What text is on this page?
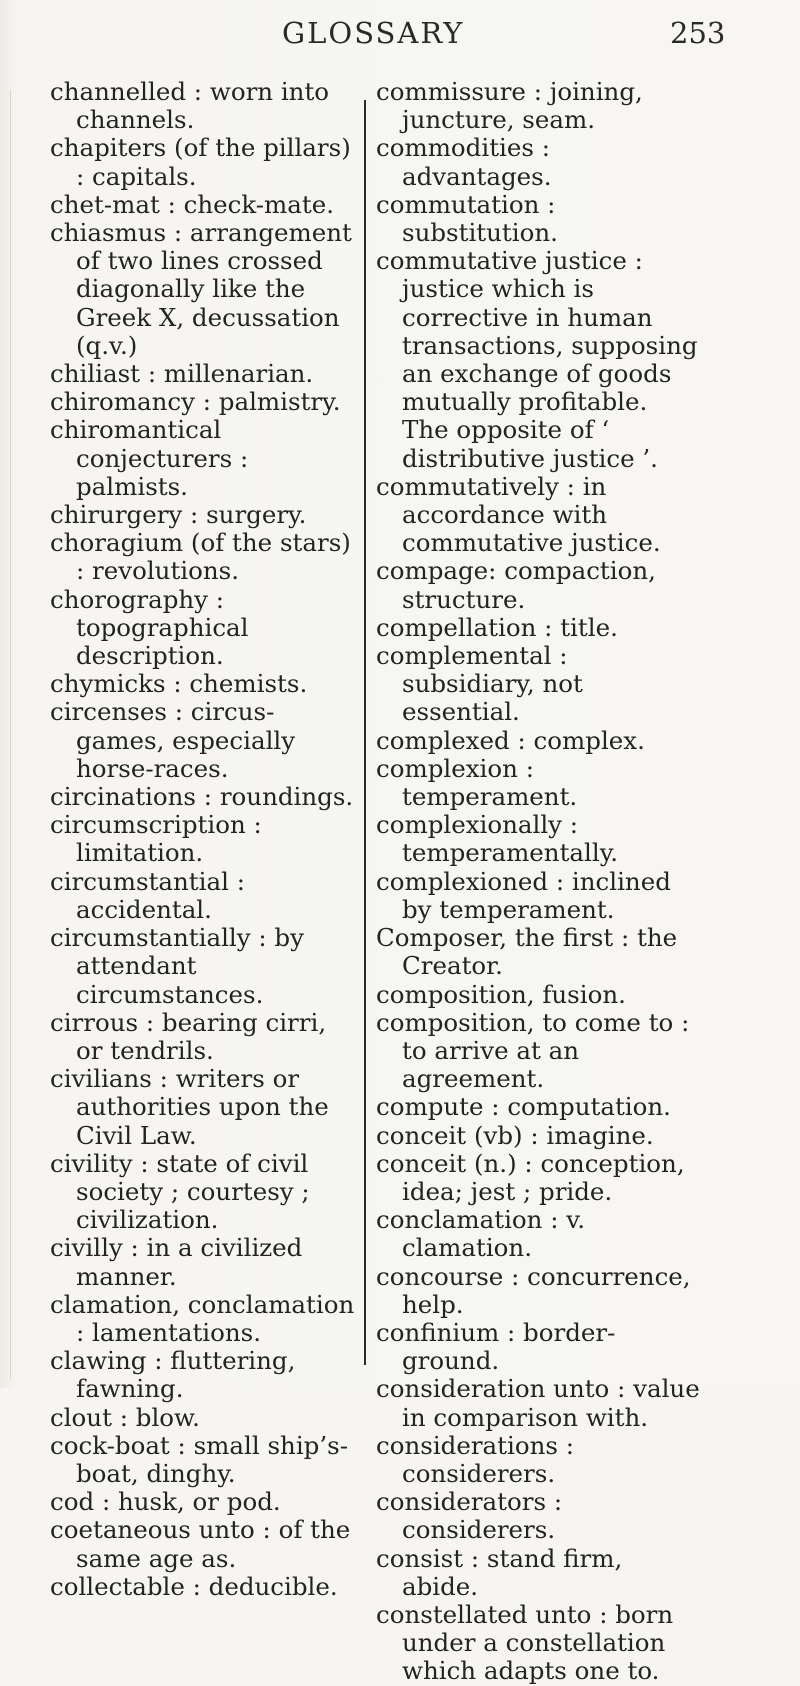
GLOSSARY	253

channelled : worn into channels.

chapiters (of the pillars) : capitals.

chet-mat : check-mate.

chiasmus : arrangement of two lines crossed diagonally like the Greek X, decussation (q.v.)

chiliast : millenarian.

chiromancy : palmistry.

chiromantical conjecturers : palmists.

chirurgery : surgery.

choragium (of the stars) : revolutions.

chorography : topographical description.

chymicks : chemists.

circenses : circus-games, especially horse-races.

circinations : roundings.

circumscription : limitation.

circumstantial : accidental.

circumstantially : by attendant circumstances.

cirrous : bearing cirri, or tendrils.

civilians : writers or authorities upon the Civil Law.

civility : state of civil society ; courtesy ; civilization.

civilly : in a civilized manner.

clamation, conclamation : lamentations.

clawing : fluttering, fawning.

clout : blow.

cock-boat : small ship’s-boat, dinghy.

cod : husk, or pod.

coetaneous unto : of the same age as.

collectable : deducible.

commissure : joining, juncture, seam.

commodities : advantages.

commutation : substitution.

commutative justice : justice which is corrective in human transactions, supposing an exchange of goods mutually profitable. The opposite of ‘ distributive justice ’.

commutatively : in accordance with commutative justice.

compage: compaction, structure.

compellation : title.

complemental : subsidiary, not essential.

complexed : complex.

complexion : temperament.

complexionally : temperamentally.

complexioned : inclined by temperament.

Composer, the first : the Creator.

composition, fusion.

composition, to come to : to arrive at an agreement.

compute : computation.

conceit (vb) : imagine.

conceit (n.) : conception, idea; jest ; pride.

conclamation : v. clamation.

concourse : concurrence, help.

confinium : border-ground.

consideration unto : value in comparison with.

considerations : considerers.

considerators : considerers.

consist : stand firm, abide.

constellated unto : born under a constellation which adapts one to.
